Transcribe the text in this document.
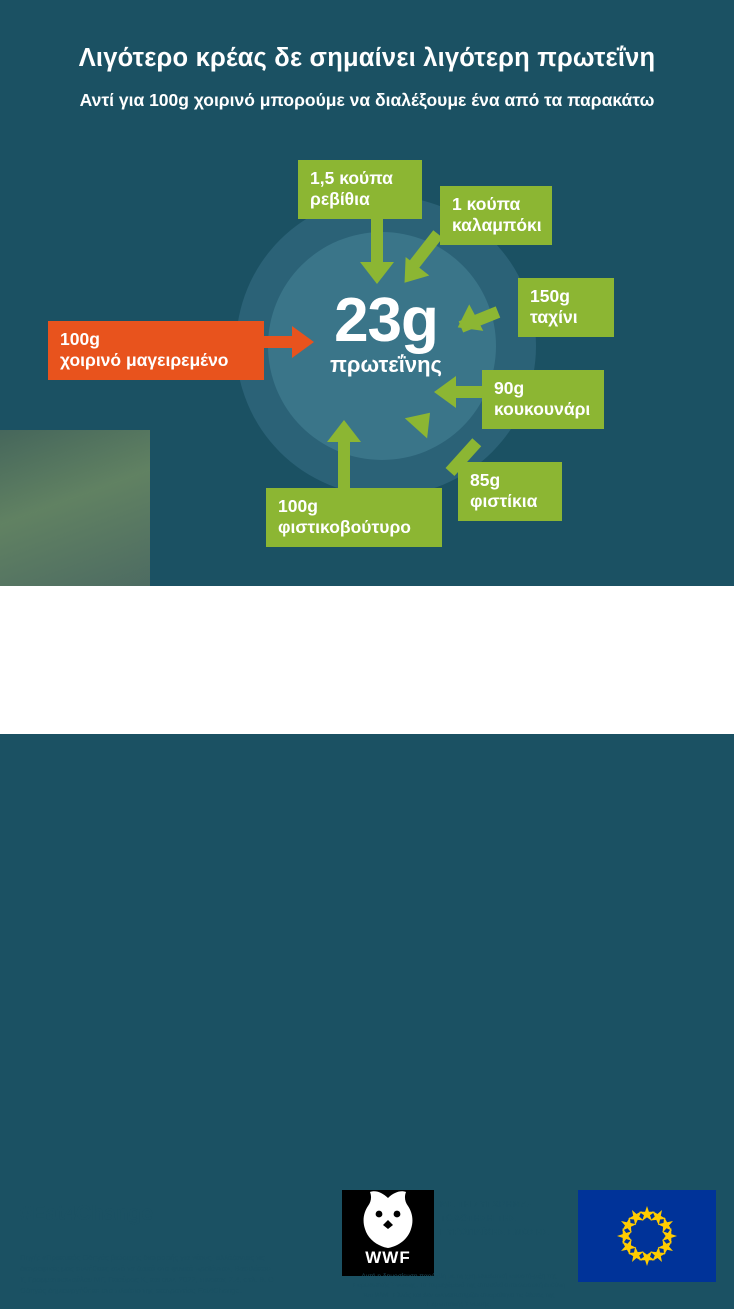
Λιγότερο κρέας δε σημαίνει λιγότερη πρωτεΐνη
Αντί για 100g χοιρινό μπορούμε να διαλέξουμε ένα από τα παρακάτω
23g πρωτεΐνης
100g
χοιρινό μαγειρεμένο
1,5 κούπα
ρεβίθια	1 κούπα
καλαμπόκι
150g
ταχίνι
90g
κουκουνάρι
85g
φιστίκια
100g
φιστικοβούτυρο
#Eat4Change
Πηγή: «Πρακτικός Οδηγός βιώσιμης διατροφής για νέους- αλλάζοντας τις διατροφικές μας συνήθειες από τα ζωικά στα φυτικά προϊόντα», Βασιλάκου Τ, Γραμματικοπούλου ΜΓ, Γκιούρας Κ, και συν. 2022, πίνακας 2.4, σελ. 9. Ο Οδηγός δημιουργήθηκε στο πλαίσιο της εκστρατείας Eat4Change.
WWF
ΜΕ ΤΗ ΣΥΓΧΡΗΜΑ-ΤΟΔΟΤΗΣΗ ΤΗΣ ΕΥΡΩΠΑΪΚΗΣ ΕΝΩΣΗΣ
Αυτή η δημοσίευση παράχθη με τη χρηματοδοτική υποστή-ριξη της Ευρωπαϊκής Ένωσης. Το περιεχόμενό της αποτελεί αποκλειστική ευθύνη του WWF Ελλάς και δεν αντικατοπτρίζει απαραίτητα τις θέσεις της Ευρωπαϊκής Ένωσης.
